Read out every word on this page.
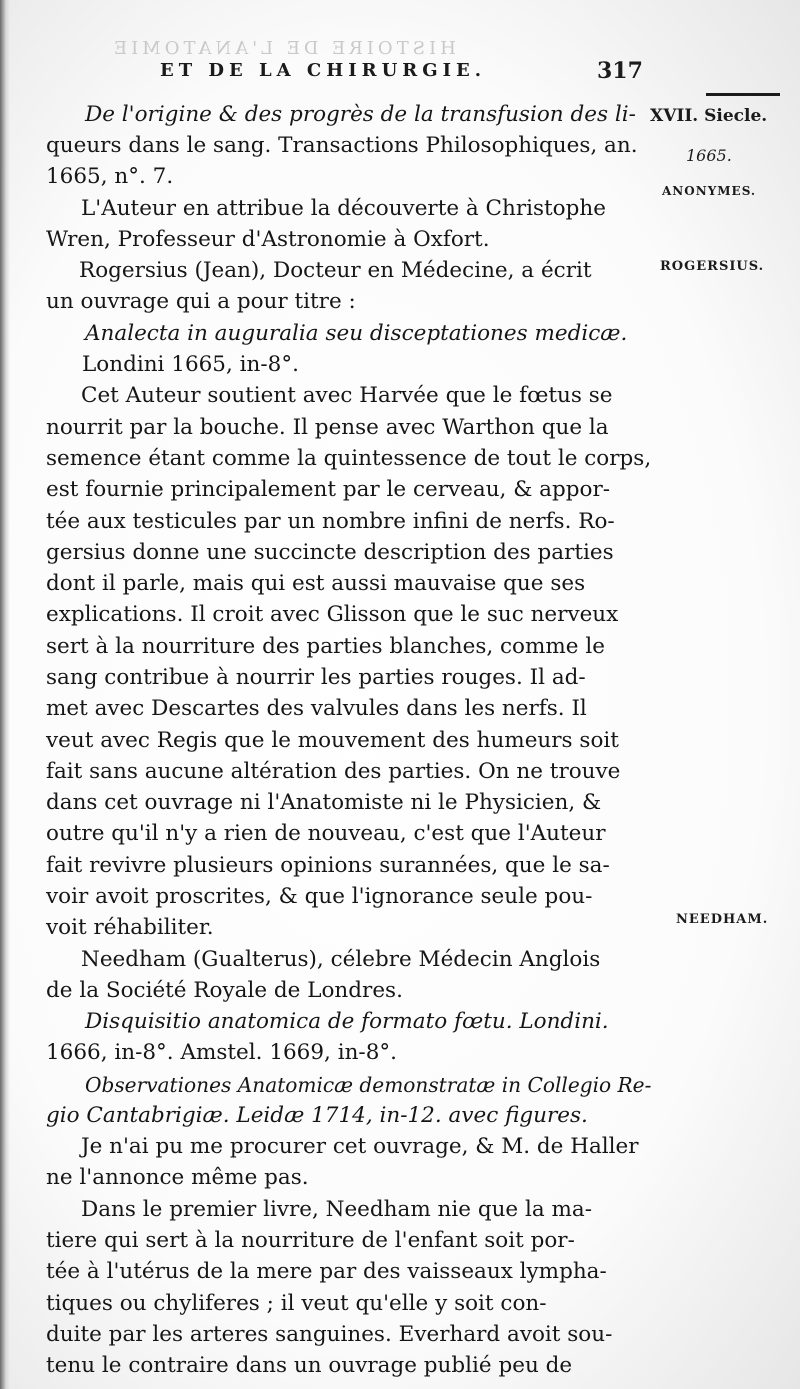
HISTOIRE DE L'ANATOMIE
ET DE LA CHIRURGIE.	317
XVII. Siecle.
1665.
ANONYMES.
ROGERSIUS.
NEEDHAM.
De l'origine & des progrès de la transfusion des li-
queurs dans le sang. Transactions Philosophiques, an.
1665, n°. 7.
L'Auteur en attribue la découverte à Christophe
Wren, Professeur d'Astronomie à Oxfort.
Rogersius (Jean), Docteur en Médecine, a écrit
un ouvrage qui a pour titre :
Analecta in auguralia seu disceptationes medicæ.
Londini 1665, in-8°.
Cet Auteur soutient avec Harvée que le fœtus se
nourrit par la bouche. Il pense avec Warthon que la
semence étant comme la quintessence de tout le corps,
est fournie principalement par le cerveau, & appor-
tée aux testicules par un nombre infini de nerfs. Ro-
gersius donne une succincte description des parties
dont il parle, mais qui est aussi mauvaise que ses
explications. Il croit avec Glisson que le suc nerveux
sert à la nourriture des parties blanches, comme le
sang contribue à nourrir les parties rouges. Il ad-
met avec Descartes des valvules dans les nerfs. Il
veut avec Regis que le mouvement des humeurs soit
fait sans aucune altération des parties. On ne trouve
dans cet ouvrage ni l'Anatomiste ni le Physicien, &
outre qu'il n'y a rien de nouveau, c'est que l'Auteur
fait revivre plusieurs opinions surannées, que le sa-
voir avoit proscrites, & que l'ignorance seule pou-
voit réhabiliter.
Needham (Gualterus), célebre Médecin Anglois
de la Société Royale de Londres.
Disquisitio anatomica de formato fœtu. Londini.
1666, in-8°. Amstel. 1669, in-8°.
Observationes Anatomicæ demonstratæ in Collegio Re-
gio Cantabrigiæ. Leidæ 1714, in-12. avec figures.
Je n'ai pu me procurer cet ouvrage, & M. de Haller
ne l'annonce même pas.
Dans le premier livre, Needham nie que la ma-
tiere qui sert à la nourriture de l'enfant soit por-
tée à l'utérus de la mere par des vaisseaux lympha-
tiques ou chyliferes ; il veut qu'elle y soit con-
duite par les arteres sanguines. Everhard avoit sou-
tenu le contraire dans un ouvrage publié peu de
